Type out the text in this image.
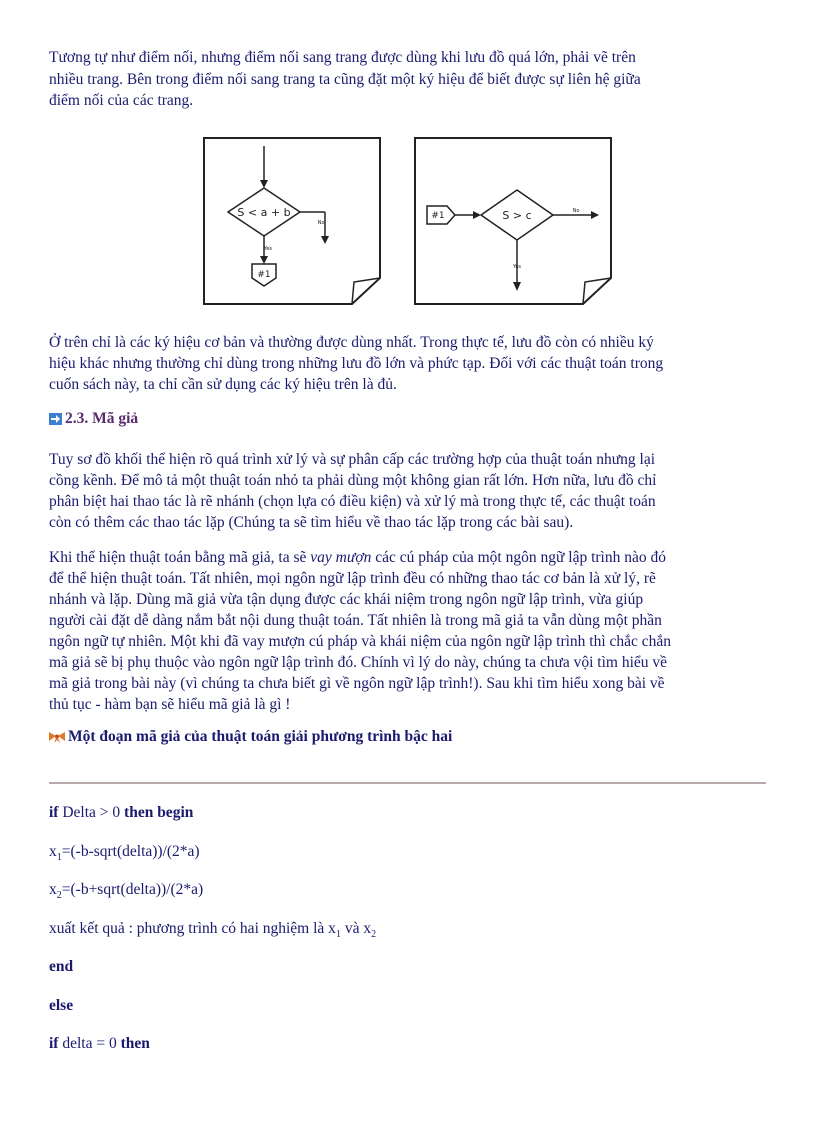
Tương tự như điểm nối, nhưng điểm nối sang trang được dùng khi lưu đồ quá lớn, phải vẽ trên

nhiều trang. Bên trong điểm nối sang trang ta cũng đặt một ký hiệu để biết được sự liên hệ giữa

điểm nối của các trang.

S < a + b
No
Yes
#1
#1	S > c	No
Yes

Ở trên chỉ là các ký hiệu cơ bản và thường được dùng nhất. Trong thực tế, lưu đồ còn có nhiều ký

hiệu khác nhưng thường chỉ dùng trong những lưu đồ lớn và phức tạp. Đối với các thuật toán trong

cuốn sách này, ta chỉ cần sử dụng các ký hiệu trên là đủ.

2.3. Mã giả

Tuy sơ đồ khối thể hiện rõ quá trình xử lý và sự phân cấp các trường hợp của thuật toán nhưng lại

cồng kềnh. Để mô tả một thuật toán nhỏ ta phải dùng một không gian rất lớn. Hơn nữa, lưu đồ chỉ

phân biệt hai thao tác là rẽ nhánh (chọn lựa có điều kiện) và xử lý mà trong thực tế, các thuật toán

còn có thêm các thao tác lặp (Chúng ta sẽ tìm hiểu về thao tác lặp trong các bài sau).

Khi thể hiện thuật toán bằng mã giả, ta sẽ vay mượn các cú pháp của một ngôn ngữ lập trình nào đó

để thể hiện thuật toán. Tất nhiên, mọi ngôn ngữ lập trình đều có những thao tác cơ bản là xử lý, rẽ

nhánh và lặp. Dùng mã giả vừa tận dụng được các khái niệm trong ngôn ngữ lập trình, vừa giúp

người cài đặt dễ dàng nắm bắt nội dung thuật toán. Tất nhiên là trong mã giả ta vẫn dùng một phần

ngôn ngữ tự nhiên. Một khi đã vay mượn cú pháp và khái niệm của ngôn ngữ lập trình thì chắc chắn

mã giả sẽ bị phụ thuộc vào ngôn ngữ lập trình đó. Chính vì lý do này, chúng ta chưa vội tìm hiểu về

mã giả trong bài này (vì chúng ta chưa biết gì về ngôn ngữ lập trình!). Sau khi tìm hiểu xong bài về

thủ tục - hàm bạn sẽ hiểu mã giả là gì !

Một đoạn mã giả của thuật toán giải phương trình bậc hai
if Delta > 0 then begin
$x_1=(-b-sqrt(delta))/(2*a)$
$x_2=(-b+sqrt(delta))/(2*a)$
xuất kết quả : phương trình có hai nghiệm là $x_1$ và $x_2$
end
else
if delta = 0 then
